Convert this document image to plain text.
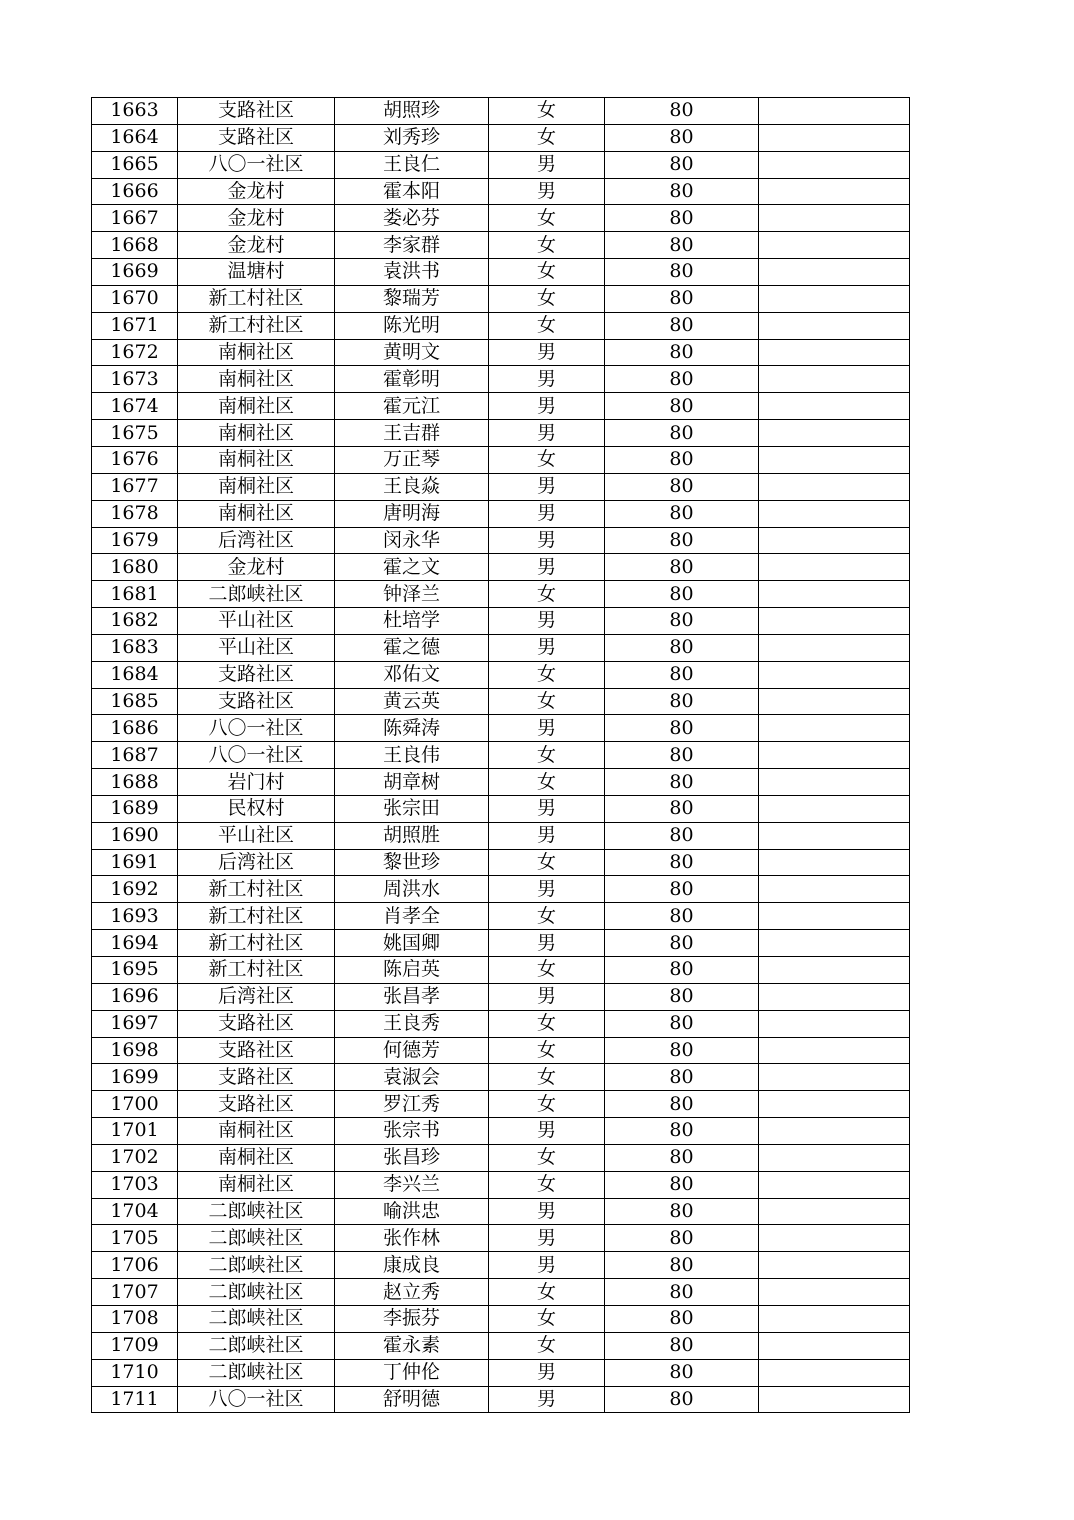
1663	支路社区	胡照珍	女	80	
1664	支路社区	刘秀珍	女	80	
1665	八〇一社区	王良仁	男	80	
1666	金龙村	霍本阳	男	80	
1667	金龙村	娄必芬	女	80	
1668	金龙村	李家群	女	80	
1669	温塘村	袁洪书	女	80	
1670	新工村社区	黎瑞芳	女	80	
1671	新工村社区	陈光明	女	80	
1672	南桐社区	黄明文	男	80	
1673	南桐社区	霍彰明	男	80	
1674	南桐社区	霍元江	男	80	
1675	南桐社区	王吉群	男	80	
1676	南桐社区	万正琴	女	80	
1677	南桐社区	王良焱	男	80	
1678	南桐社区	唐明海	男	80	
1679	后湾社区	闵永华	男	80	
1680	金龙村	霍之文	男	80	
1681	二郎峡社区	钟泽兰	女	80	
1682	平山社区	杜培学	男	80	
1683	平山社区	霍之德	男	80	
1684	支路社区	邓佑文	女	80	
1685	支路社区	黄云英	女	80	
1686	八〇一社区	陈舜涛	男	80	
1687	八〇一社区	王良伟	女	80	
1688	岩门村	胡章树	女	80	
1689	民权村	张宗田	男	80	
1690	平山社区	胡照胜	男	80	
1691	后湾社区	黎世珍	女	80	
1692	新工村社区	周洪水	男	80	
1693	新工村社区	肖孝全	女	80	
1694	新工村社区	姚国卿	男	80	
1695	新工村社区	陈启英	女	80	
1696	后湾社区	张昌孝	男	80	
1697	支路社区	王良秀	女	80	
1698	支路社区	何德芳	女	80	
1699	支路社区	袁淑会	女	80	
1700	支路社区	罗江秀	女	80	
1701	南桐社区	张宗书	男	80	
1702	南桐社区	张昌珍	女	80	
1703	南桐社区	李兴兰	女	80	
1704	二郎峡社区	喻洪忠	男	80	
1705	二郎峡社区	张作林	男	80	
1706	二郎峡社区	康成良	男	80	
1707	二郎峡社区	赵立秀	女	80	
1708	二郎峡社区	李振芬	女	80	
1709	二郎峡社区	霍永素	女	80	
1710	二郎峡社区	丁仲伦	男	80	
1711	八〇一社区	舒明德	男	80	
